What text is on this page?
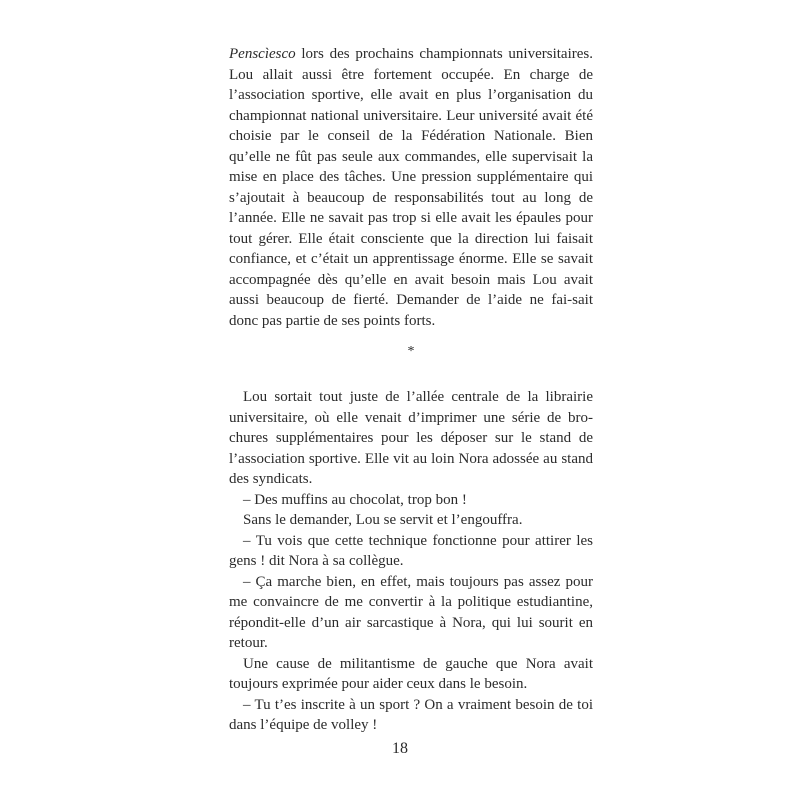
Penscìesco lors des prochains championnats universitaires. Lou allait aussi être fortement occupée. En charge de l’association sportive, elle avait en plus l’organisation du championnat national universitaire. Leur université avait été choisie par le conseil de la Fédération Nationale. Bien qu’elle ne fût pas seule aux commandes, elle supervisait la mise en place des tâches. Une pression supplémentaire qui s’ajoutait à beaucoup de responsabilités tout au long de l’année. Elle ne savait pas trop si elle avait les épaules pour tout gérer. Elle était consciente que la direction lui faisait confiance, et c’était un apprentissage énorme. Elle se savait accompagnée dès qu’elle en avait besoin mais Lou avait aussi beaucoup de fierté. Demander de l’aide ne fai-sait donc pas partie de ses points forts.

*

Lou sortait tout juste de l’allée centrale de la librairie universitaire, où elle venait d’imprimer une série de bro-chures supplémentaires pour les déposer sur le stand de l’association sportive. Elle vit au loin Nora adossée au stand des syndicats.

– Des muffins au chocolat, trop bon !

Sans le demander, Lou se servit et l’engouffra.

– Tu vois que cette technique fonctionne pour attirer les gens ! dit Nora à sa collègue.

– Ça marche bien, en effet, mais toujours pas assez pour me convaincre de me convertir à la politique estudiantine, répondit-elle d’un air sarcastique à Nora, qui lui sourit en retour.

Une cause de militantisme de gauche que Nora avait toujours exprimée pour aider ceux dans le besoin.

– Tu t’es inscrite à un sport ? On a vraiment besoin de toi dans l’équipe de volley !

18
